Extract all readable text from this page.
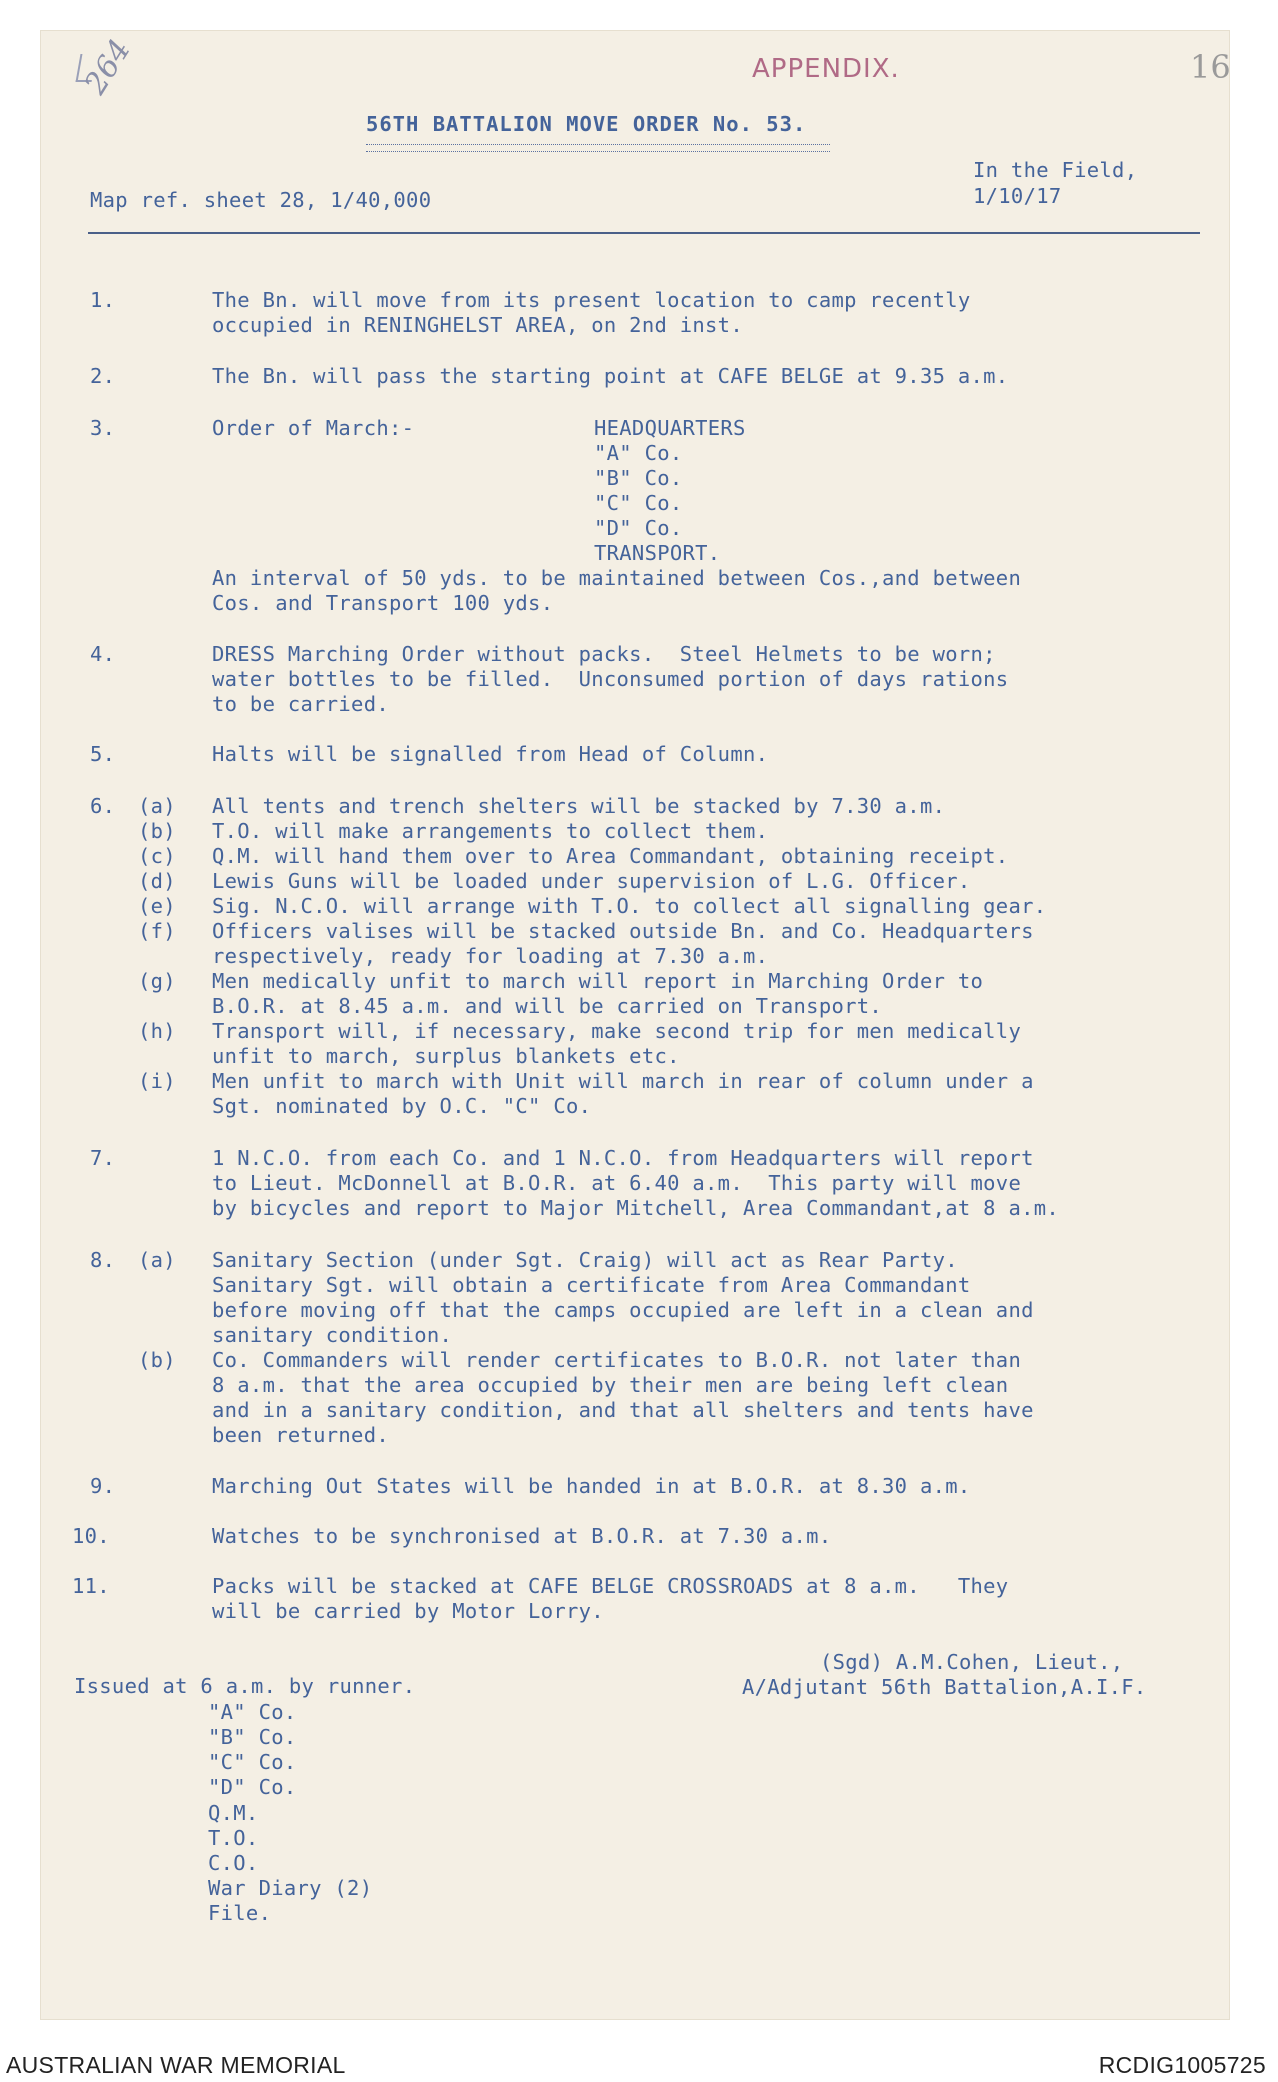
264	APPENDIX.	16
56TH BATTALION MOVE ORDER No. 53.
In the Field,
Map ref. sheet 28, 1/40,000	1/10/17
1.	The Bn. will move from its present location to camp recently
occupied in RENINGHELST AREA, on 2nd inst.
2.	The Bn. will pass the starting point at CAFE BELGE at 9.35 a.m.
3.	Order of March:-	HEADQUARTERS
"A" Co.
"B" Co.
"C" Co.
"D" Co.
TRANSPORT.
An interval of 50 yds. to be maintained between Cos.,and between
Cos. and Transport 100 yds.
4.	DRESS Marching Order without packs.  Steel Helmets to be worn;
water bottles to be filled.  Unconsumed portion of days rations
to be carried.
5.	Halts will be signalled from Head of Column.
6. (a) All tents and trench shelters will be stacked by 7.30 a.m.
(b) T.O. will make arrangements to collect them.
(c) Q.M. will hand them over to Area Commandant, obtaining receipt.
(d) Lewis Guns will be loaded under supervision of L.G. Officer.
(e) Sig. N.C.O. will arrange with T.O. to collect all signalling gear.
(f) Officers valises will be stacked outside Bn. and Co. Headquarters
respectively, ready for loading at 7.30 a.m.
(g) Men medically unfit to march will report in Marching Order to
B.O.R. at 8.45 a.m. and will be carried on Transport.
(h) Transport will, if necessary, make second trip for men medically
unfit to march, surplus blankets etc.
(i) Men unfit to march with Unit will march in rear of column under a
Sgt. nominated by O.C. "C" Co.
7.	1 N.C.O. from each Co. and 1 N.C.O. from Headquarters will report
to Lieut. McDonnell at B.O.R. at 6.40 a.m.  This party will move
by bicycles and report to Major Mitchell, Area Commandant,at 8 a.m.
8. (a) Sanitary Section (under Sgt. Craig) will act as Rear Party.
Sanitary Sgt. will obtain a certificate from Area Commandant
before moving off that the camps occupied are left in a clean and
sanitary condition.
(b) Co. Commanders will render certificates to B.O.R. not later than
8 a.m. that the area occupied by their men are being left clean
and in a sanitary condition, and that all shelters and tents have
been returned.
9.	Marching Out States will be handed in at B.O.R. at 8.30 a.m.
10.	Watches to be synchronised at B.O.R. at 7.30 a.m.
11.	Packs will be stacked at CAFE BELGE CROSSROADS at 8 a.m.   They
will be carried by Motor Lorry.
(Sgd) A.M.Cohen, Lieut.,
Issued at 6 a.m. by runner.	A/Adjutant 56th Battalion,A.I.F.
"A" Co.
"B" Co.
"C" Co.
"D" Co.
Q.M.
T.O.
C.O.
War Diary (2)
File.
AUSTRALIAN WAR MEMORIAL	RCDIG1005725
